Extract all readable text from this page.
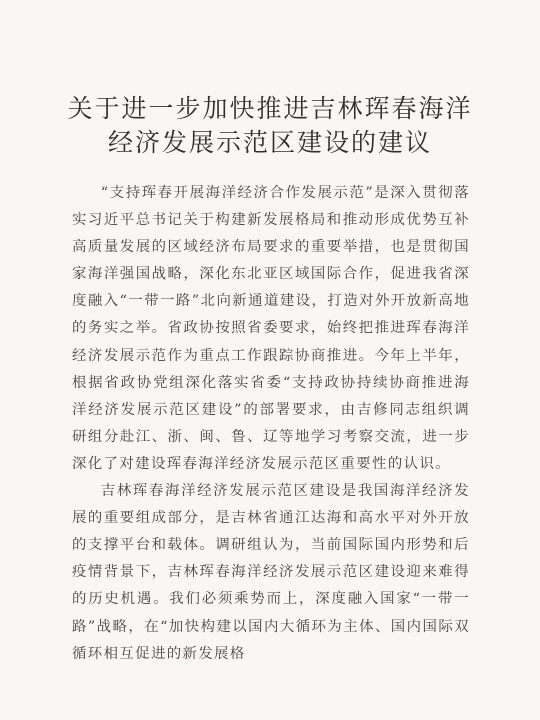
关于进一步加快推进吉林珲春海洋
经济发展示范区建设的建议

“支持珲春开展海洋经济合作发展示范”是深入贯彻落实习近平总书记关于构建新发展格局和推动形成优势互补高质量发展的区域经济布局要求的重要举措，也是贯彻国家海洋强国战略，深化东北亚区域国际合作，促进我省深度融入“一带一路”北向新通道建设，打造对外开放新高地的务实之举。省政协按照省委要求，始终把推进珲春海洋经济发展示范作为重点工作跟踪协商推进。今年上半年，根据省政协党组深化落实省委“支持政协持续协商推进海洋经济发展示范区建设”的部署要求，由吉修同志组织调研组分赴江、浙、闽、鲁、辽等地学习考察交流，进一步深化了对建设珲春海洋经济发展示范区重要性的认识。

吉林珲春海洋经济发展示范区建设是我国海洋经济发展的重要组成部分，是吉林省通江达海和高水平对外开放的支撑平台和载体。调研组认为，当前国际国内形势和后疫情背景下，吉林珲春海洋经济发展示范区建设迎来难得的历史机遇。我们必须乘势而上，深度融入国家“一带一路”战略，在“加快构建以国内大循环为主体、国内国际双循环相互促进的新发展格
